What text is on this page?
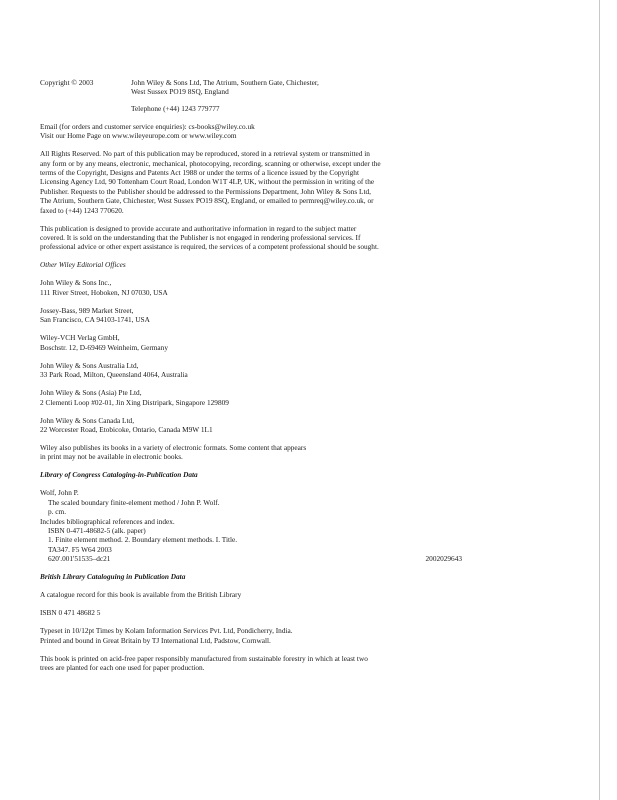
Copyright © 2003	John Wiley & Sons Ltd, The Atrium, Southern Gate, Chichester,

West Sussex PO19 8SQ, England

Telephone (+44) 1243 779777

Email (for orders and customer service enquiries): cs-books@wiley.co.uk

Visit our Home Page on www.wileyeurope.com or www.wiley.com

All Rights Reserved. No part of this publication may be reproduced, stored in a retrieval system or transmitted in

any form or by any means, electronic, mechanical, photocopying, recording, scanning or otherwise, except under the

terms of the Copyright, Designs and Patents Act 1988 or under the terms of a licence issued by the Copyright

Licensing Agency Ltd, 90 Tottenham Court Road, London W1T 4LP, UK, without the permission in writing of the

Publisher. Requests to the Publisher should be addressed to the Permissions Department, John Wiley & Sons Ltd,

The Atrium, Southern Gate, Chichester, West Sussex PO19 8SQ, England, or emailed to permreq@wiley.co.uk, or

faxed to (+44) 1243 770620.

This publication is designed to provide accurate and authoritative information in regard to the subject matter

covered. It is sold on the understanding that the Publisher is not engaged in rendering professional services. If

professional advice or other expert assistance is required, the services of a competent professional should be sought.

Other Wiley Editorial Offices

John Wiley & Sons Inc.,

111 River Street, Hoboken, NJ 07030, USA

Jossey-Bass, 989 Market Street,

San Francisco, CA 94103-1741, USA

Wiley-VCH Verlag GmbH,

Boschstr. 12, D-69469 Weinheim, Germany

John Wiley & Sons Australia Ltd,

33 Park Road, Milton, Queensland 4064, Australia

John Wiley & Sons (Asia) Pte Ltd,

2 Clementi Loop #02-01, Jin Xing Distripark, Singapore 129809

John Wiley & Sons Canada Ltd,

22 Worcester Road, Etobicoke, Ontario, Canada M9W 1L1

Wiley also publishes its books in a variety of electronic formats. Some content that appears

in print may not be available in electronic books.

Library of Congress Cataloging-in-Publication Data

Wolf, John P.

The scaled boundary finite-element method / John P. Wolf.

p. cm.

Includes bibliographical references and index.

ISBN 0-471-48682-5 (alk. paper)

1. Finite element method. 2. Boundary element methods. I. Title.

TA347. F5 W64 2003

620'.001'51535–dc21	2002029643

British Library Cataloguing in Publication Data

A catalogue record for this book is available from the British Library

ISBN 0 471 48682 5

Typeset in 10/12pt Times by Kolam Information Services Pvt. Ltd, Pondicherry, India.

Printed and bound in Great Britain by TJ International Ltd, Padstow, Cornwall.

This book is printed on acid-free paper responsibly manufactured from sustainable forestry in which at least two

trees are planted for each one used for paper production.
